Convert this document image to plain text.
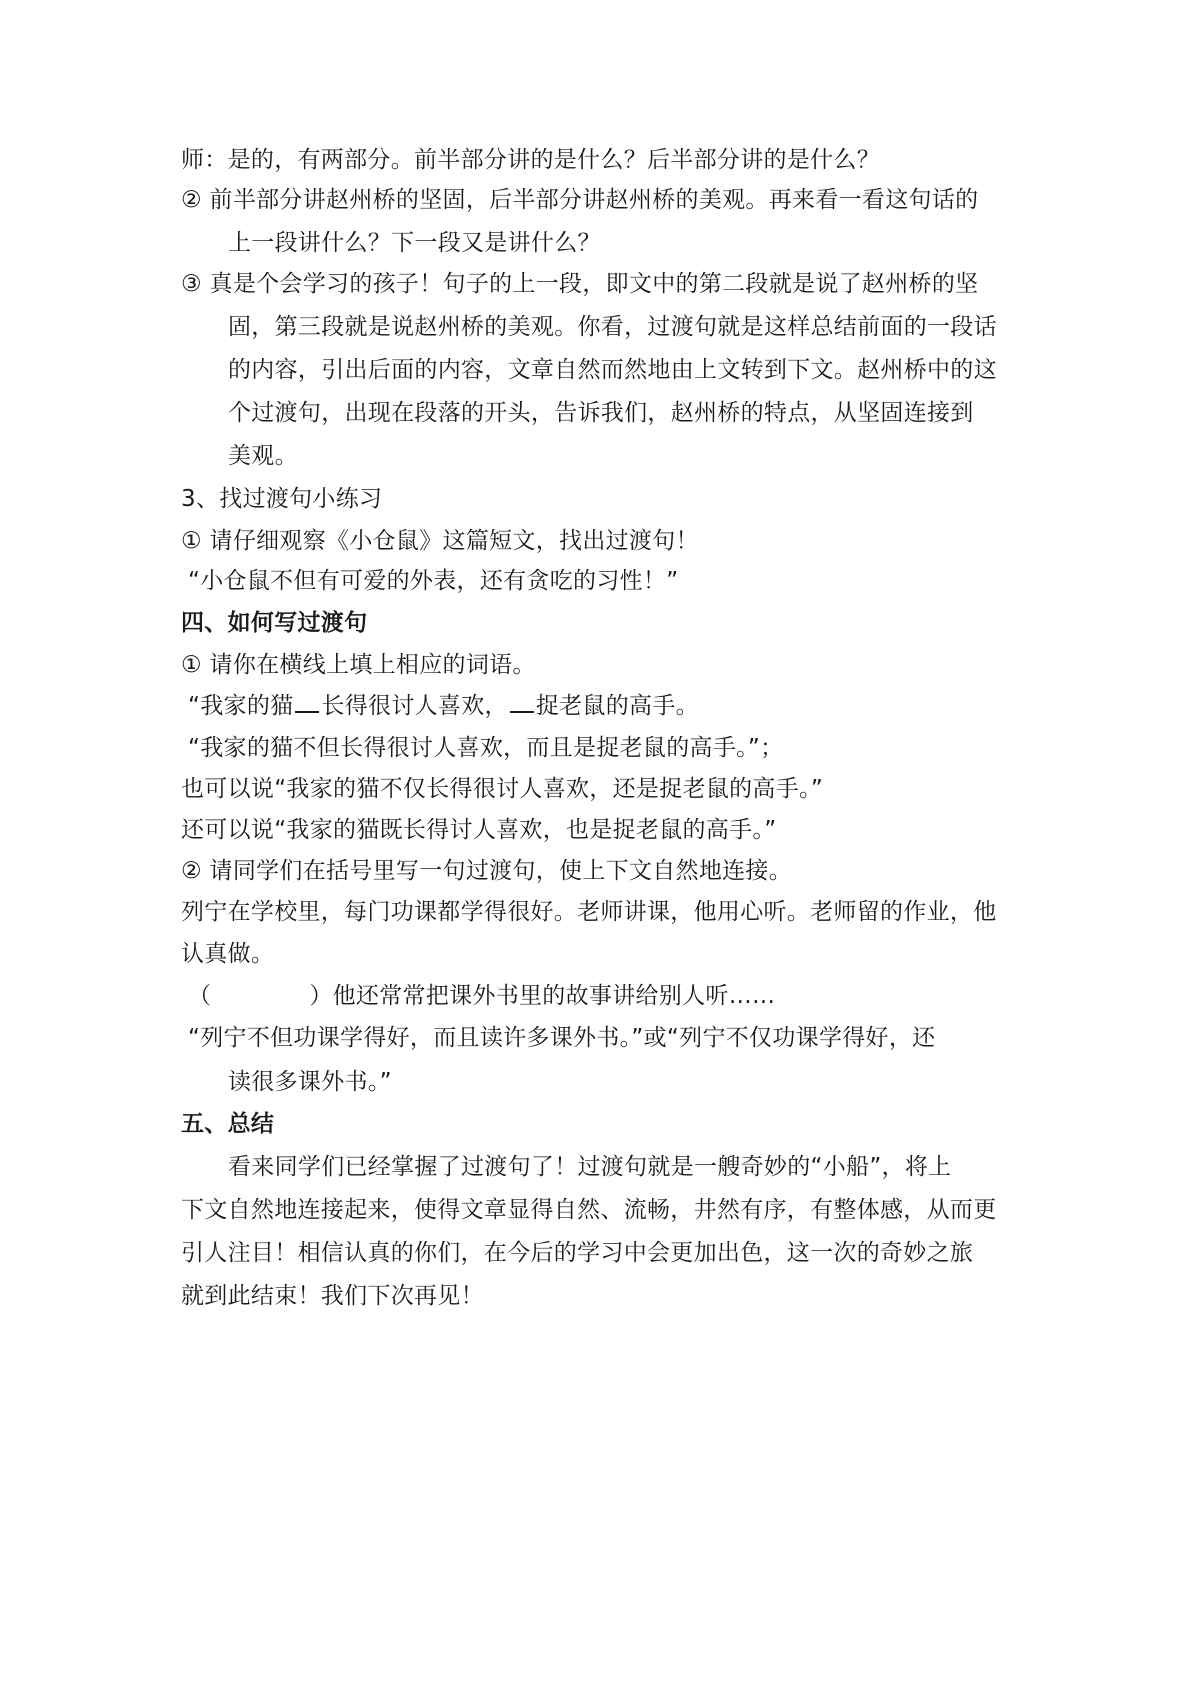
师：是的，有两部分。前半部分讲的是什么？后半部分讲的是什么？
② 前半部分讲赵州桥的坚固，后半部分讲赵州桥的美观。再来看一看这句话的
上一段讲什么？下一段又是讲什么？
③ 真是个会学习的孩子！句子的上一段，即文中的第二段就是说了赵州桥的坚
固，第三段就是说赵州桥的美观。你看，过渡句就是这样总结前面的一段话
的内容，引出后面的内容，文章自然而然地由上文转到下文。赵州桥中的这
个过渡句，出现在段落的开头，告诉我们，赵州桥的特点，从坚固连接到
美观。
3、找过渡句小练习
① 请仔细观察《小仓鼠》这篇短文，找出过渡句！
“小仓鼠不但有可爱的外表，还有贪吃的习性！”
四、如何写过渡句
① 请你在横线上填上相应的词语。
“我家的猫 长得很讨人喜欢， 捉老鼠的高手。
“我家的猫不但长得很讨人喜欢，而且是捉老鼠的高手。”；
也可以说“我家的猫不仅长得很讨人喜欢，还是捉老鼠的高手。”
还可以说“我家的猫既长得讨人喜欢，也是捉老鼠的高手。”
② 请同学们在括号里写一句过渡句，使上下文自然地连接。
列宁在学校里，每门功课都学得很好。老师讲课，他用心听。老师留的作业，他
认真做。
（	）他还常常把课外书里的故事讲给别人听……
“列宁不但功课学得好，而且读许多课外书。”或“列宁不仅功课学得好，还
读很多课外书。”
五、总结
看来同学们已经掌握了过渡句了！过渡句就是一艘奇妙的“小船”，将上
下文自然地连接起来，使得文章显得自然、流畅，井然有序，有整体感，从而更
引人注目！相信认真的你们，在今后的学习中会更加出色，这一次的奇妙之旅
就到此结束！我们下次再见！
